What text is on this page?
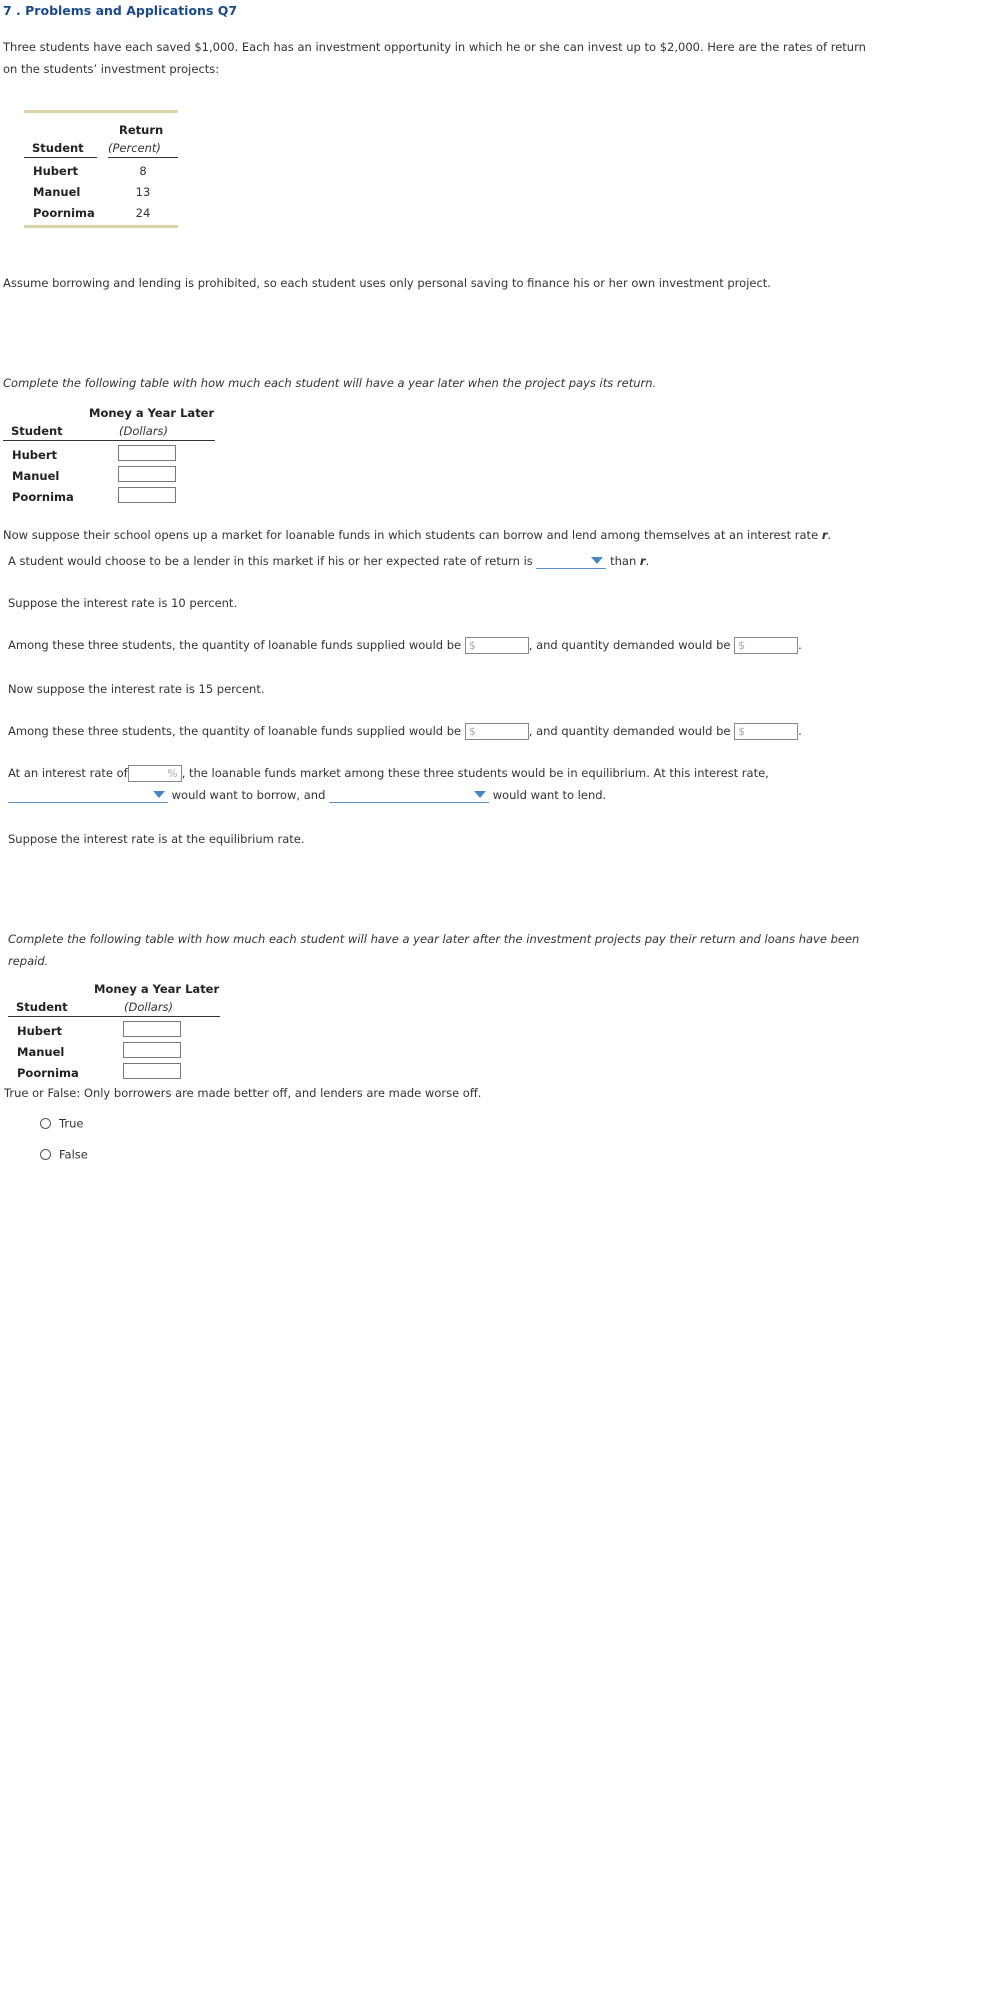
7 . Problems and Applications Q7
Three students have each saved $1,000. Each has an investment opportunity in which he or she can invest up to $2,000. Here are the rates of return
on the students’ investment projects:
Return
Student (Percent)
Hubert	8
Manuel	13
Poornima	24
Assume borrowing and lending is prohibited, so each student uses only personal saving to finance his or her own investment project.
Complete the following table with how much each student will have a year later when the project pays its return.
Money a Year Later
Student	(Dollars)
Hubert
Manuel
Poornima
Now suppose their school opens up a market for loanable funds in which students can borrow and lend among themselves at an interest rate r.
A student would choose to be a lender in this market if his or her expected rate of return is	than r.
Suppose the interest rate is 10 percent.
Among these three students, the quantity of loanable funds supplied would be $	, and quantity demanded would be $	.
Now suppose the interest rate is 15 percent.
Among these three students, the quantity of loanable funds supplied would be $	, and quantity demanded would be $	.
At an interest rate of	% , the loanable funds market among these three students would be in equilibrium. At this interest rate,
would want to borrow, and	would want to lend.
Suppose the interest rate is at the equilibrium rate.
Complete the following table with how much each student will have a year later after the investment projects pay their return and loans have been
repaid.
Money a Year Later
Student	(Dollars)
Hubert
Manuel
Poornima
True or False: Only borrowers are made better off, and lenders are made worse off.
True
False
